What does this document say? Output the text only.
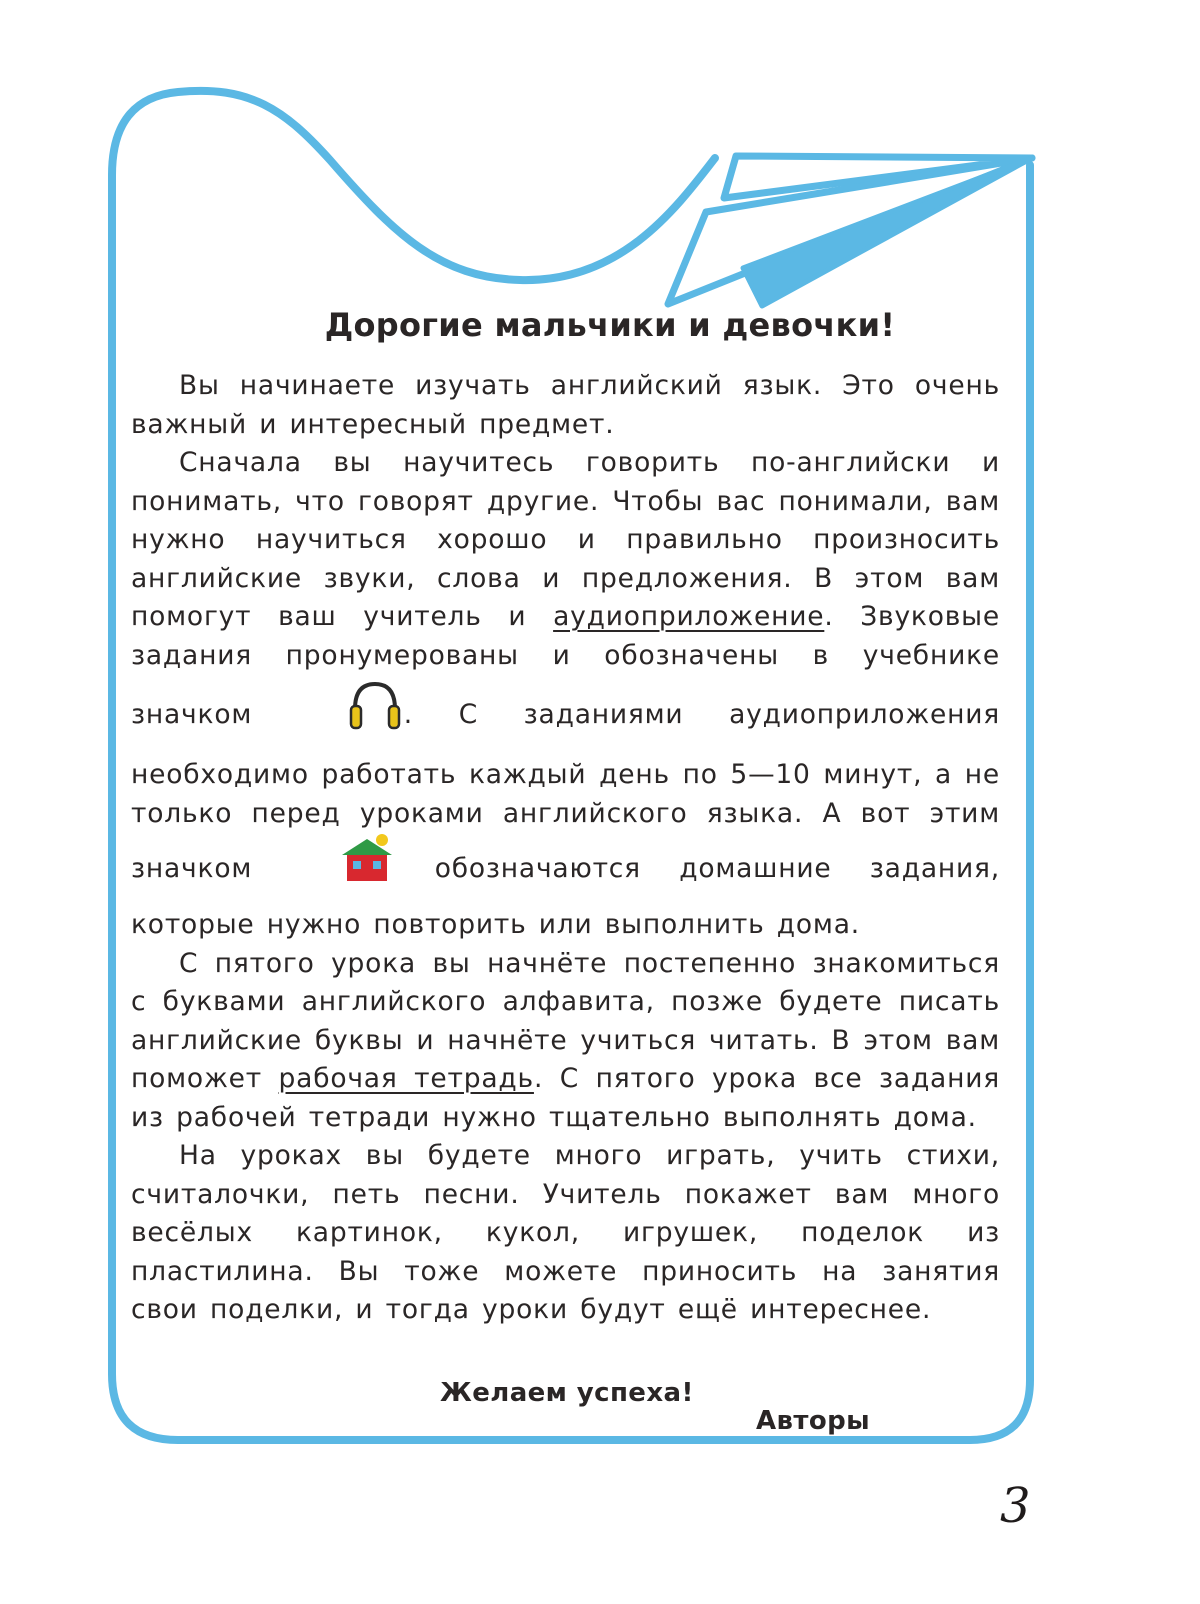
Дорогие мальчики и девочки!

Вы начинаете изучать английский язык. Это очень важный и интересный предмет.

Сначала вы научитесь говорить по-английски и понимать, что говорят другие. Чтобы вас понимали, вам нужно научиться хорошо и правильно произносить английские звуки, слова и предложения. В этом вам помогут ваш учитель и аудиоприложение. Звуковые задания пронумерованы и обозначены в учебнике значком	. С заданиями аудиоприложения необходимо работать каждый день по 5—10 минут, а не только перед уроками английского языка. А вот этим значком	обозначаются домашние задания, которые нужно повторить или выполнить дома.

С пятого урока вы начнёте постепенно знакомиться с буквами английского алфавита, позже будете писать английские буквы и начнёте учиться читать. В этом вам поможет рабочая тетрадь. С пятого урока все задания из рабочей тетради нужно тщательно выполнять дома.

На уроках вы будете много играть, учить стихи, считалочки, петь песни. Учитель покажет вам много весёлых картинок, кукол, игрушек, поделок из пластилина. Вы тоже можете приносить на занятия свои поделки, и тогда уроки будут ещё интереснее.

Желаем успеха!
Авторы
3
